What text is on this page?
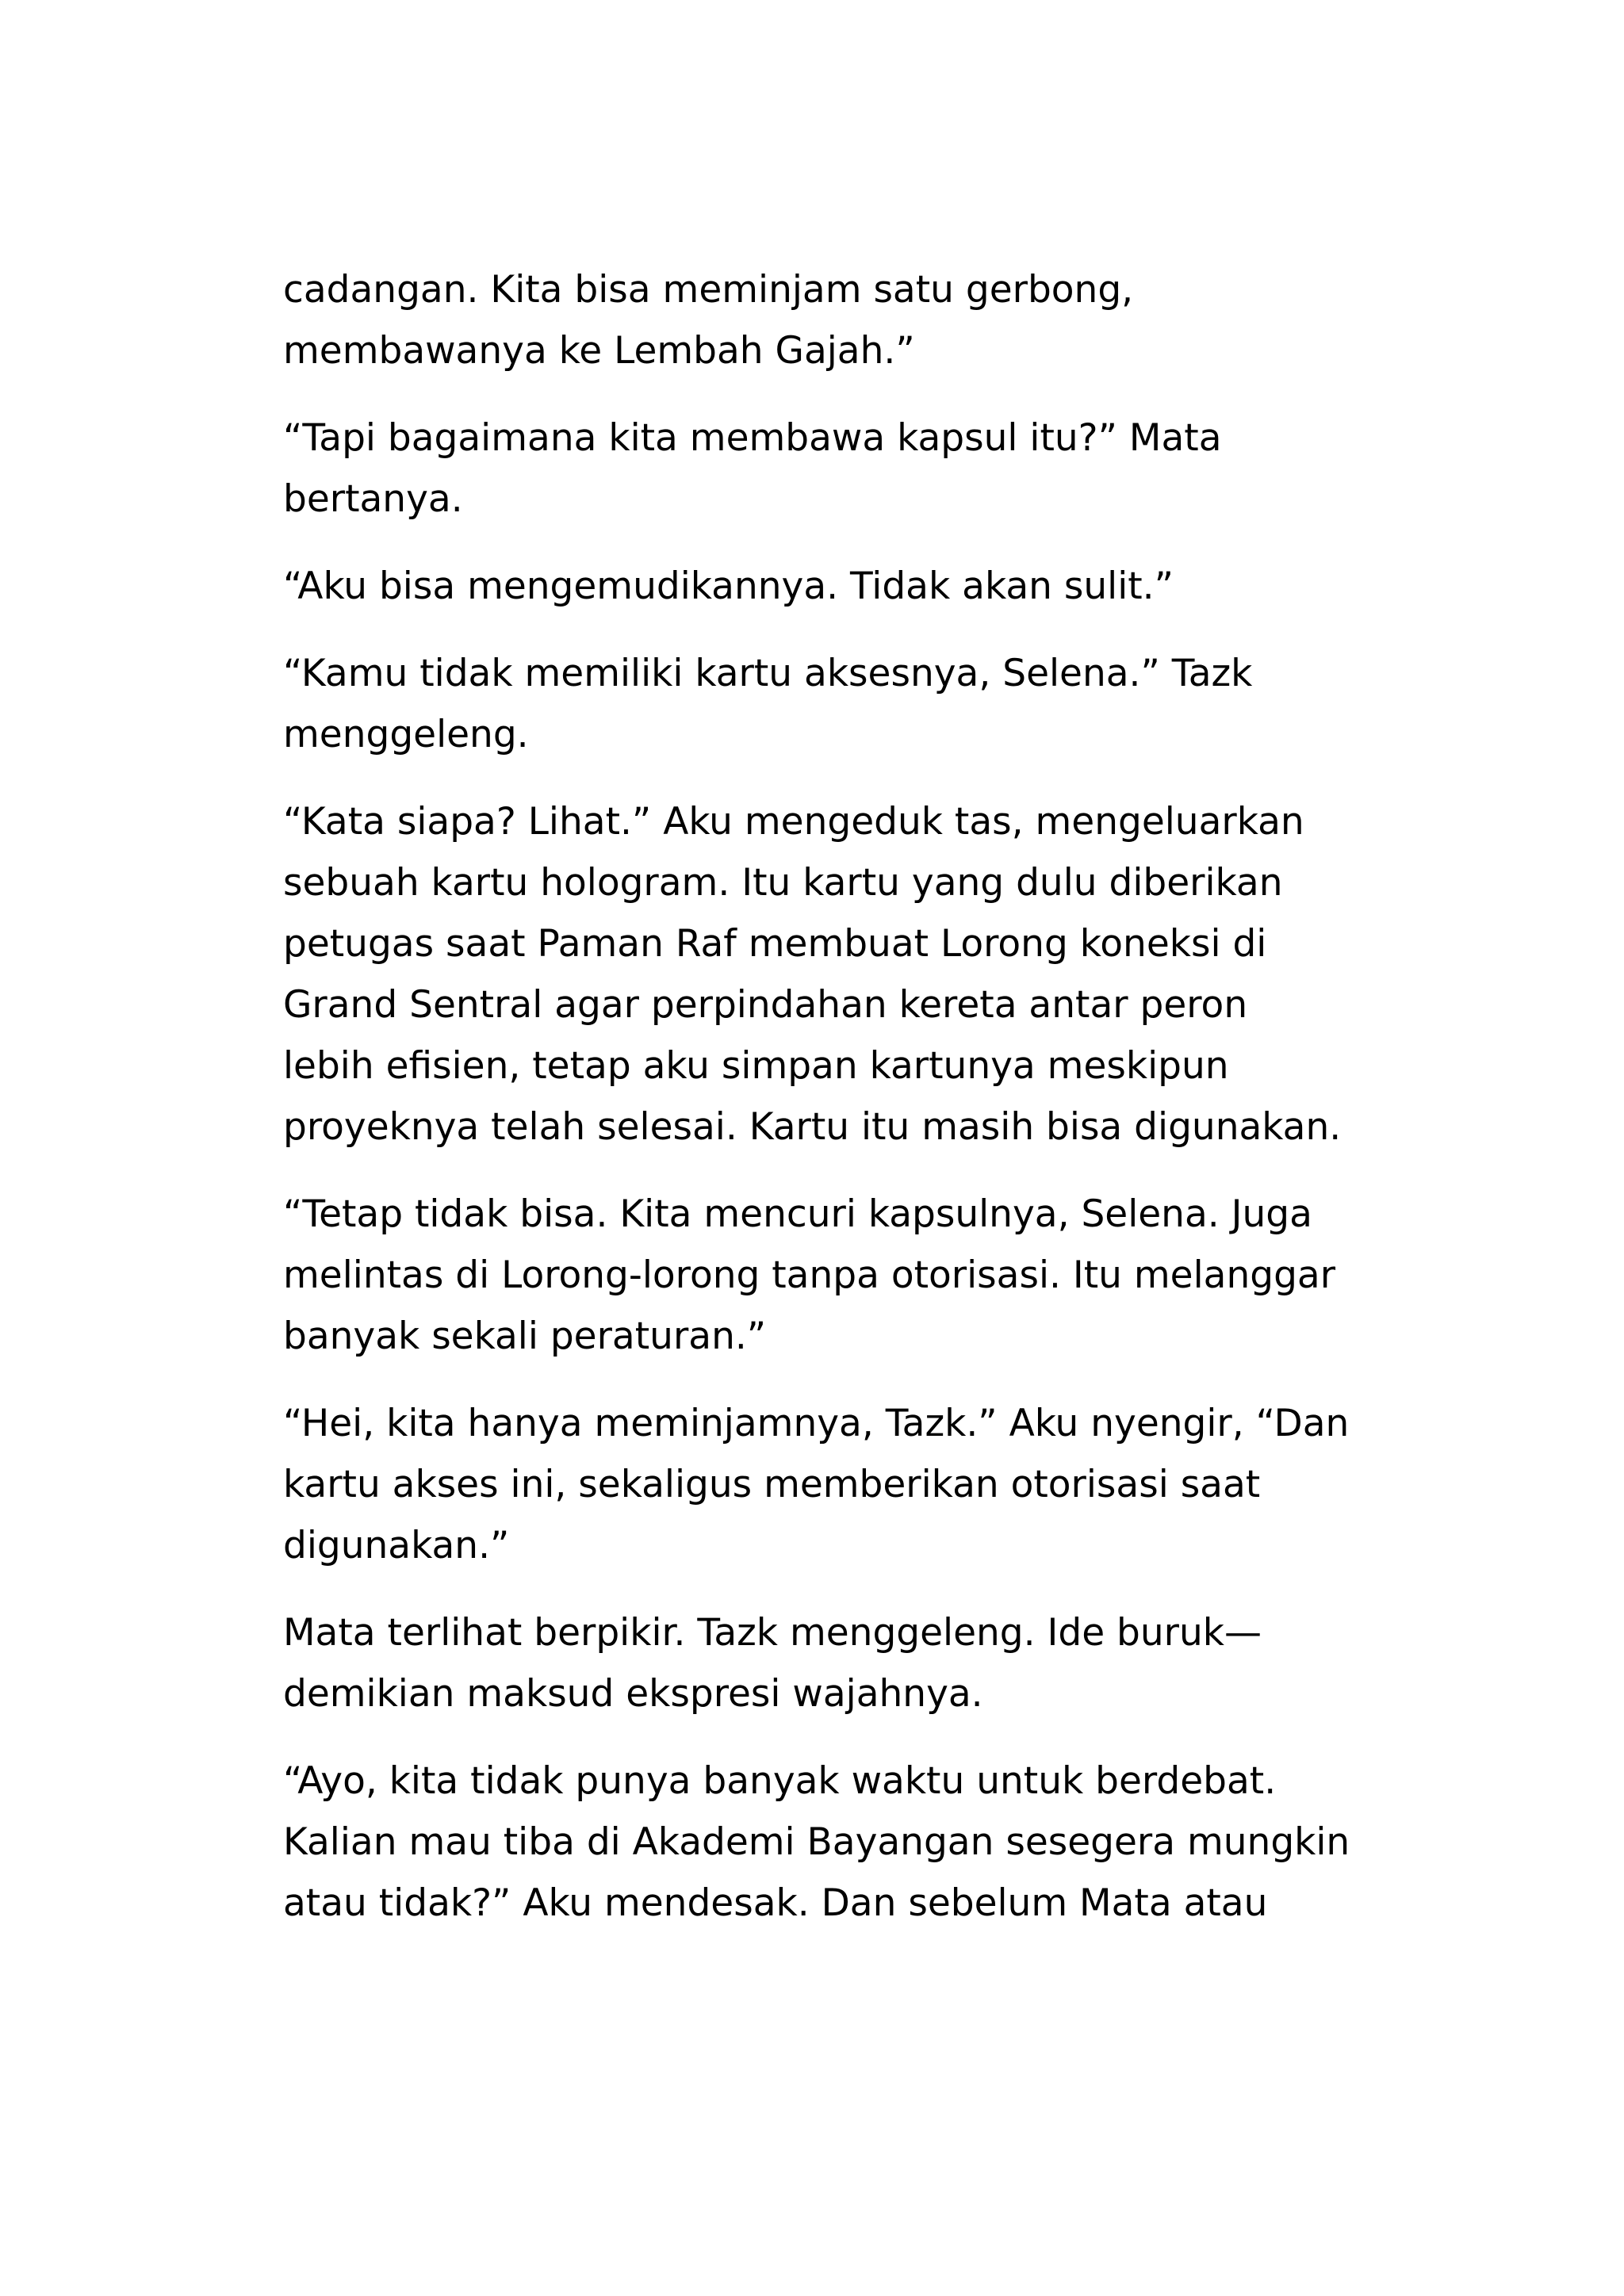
cadangan. Kita bisa meminjam satu gerbong,
membawanya ke Lembah Gajah.”

“Tapi bagaimana kita membawa kapsul itu?” Mata
bertanya.

“Aku bisa mengemudikannya. Tidak akan sulit.”

“Kamu tidak memiliki kartu aksesnya, Selena.” Tazk
menggeleng.

“Kata siapa? Lihat.” Aku mengeduk tas, mengeluarkan
sebuah kartu hologram. Itu kartu yang dulu diberikan
petugas saat Paman Raf membuat Lorong koneksi di
Grand Sentral agar perpindahan kereta antar peron
lebih efisien, tetap aku simpan kartunya meskipun
proyeknya telah selesai. Kartu itu masih bisa digunakan.

“Tetap tidak bisa. Kita mencuri kapsulnya, Selena. Juga
melintas di Lorong-lorong tanpa otorisasi. Itu melanggar
banyak sekali peraturan.”

“Hei, kita hanya meminjamnya, Tazk.” Aku nyengir, “Dan
kartu akses ini, sekaligus memberikan otorisasi saat
digunakan.”

Mata terlihat berpikir. Tazk menggeleng. Ide buruk—
demikian maksud ekspresi wajahnya.

“Ayo, kita tidak punya banyak waktu untuk berdebat.
Kalian mau tiba di Akademi Bayangan sesegera mungkin
atau tidak?” Aku mendesak. Dan sebelum Mata atau
